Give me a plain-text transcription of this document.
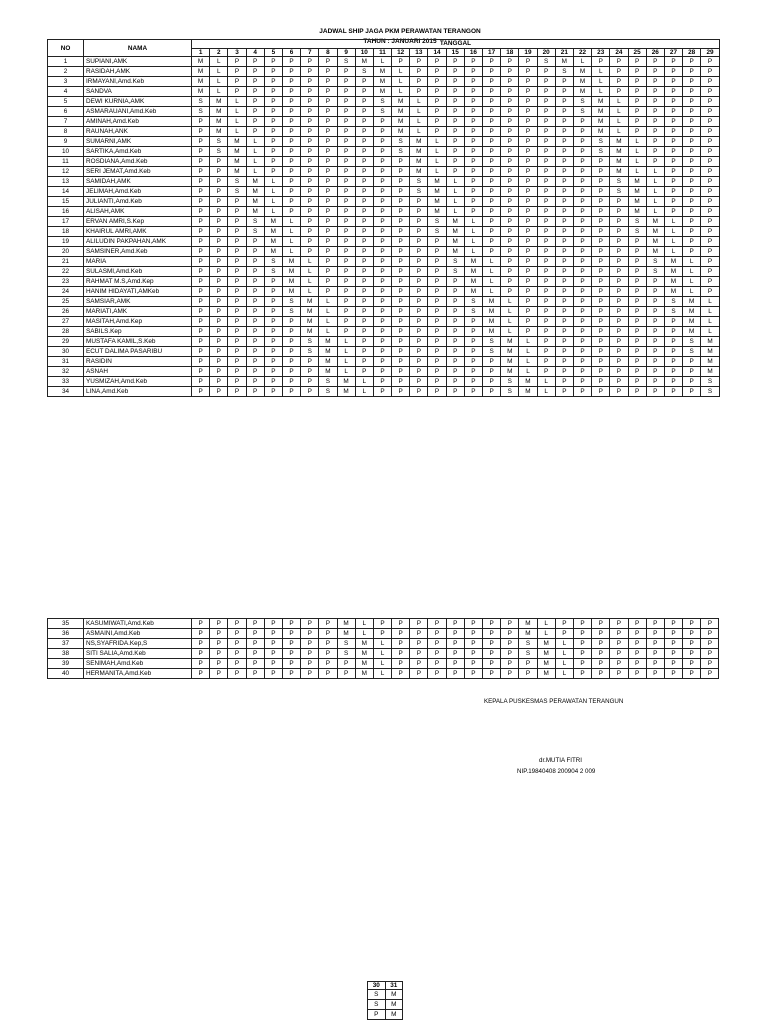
JADWAL SHIP JAGA PKM PERAWATAN TERANGON
TAHUN : JANUARI 2015
NO	NAMA	TANGGAL																												
		1	2	3	4	5	6	7	8	9	10	11	12	13	14	15	16	17	18	19	20	21	22	23	24	25	26	27	28	29
1	SUPIANI,AMK	M	L	P	P	P	P	P	P	S	M	L	P	P	P	P	P	P	P	P	S	M	L	P	P	P	P	P	P	P
2	RASIDAH,AMK	M	L	P	P	P	P	P	P	P	S	M	L	P	P	P	P	P	P	P	P	S	M	L	P	P	P	P	P	P
3	IRMAYANI,Amd.Keb	M	L	P	P	P	P	P	P	P	P	M	L	P	P	P	P	P	P	P	P	P	M	L	P	P	P	P	P	P
4	SANDVA	M	L	P	P	P	P	P	P	P	P	M	L	P	P	P	P	P	P	P	P	P	M	L	P	P	P	P	P	P
5	DEWI KURNIA,AMK	S	M	L	P	P	P	P	P	P	P	S	M	L	P	P	P	P	P	P	P	P	S	M	L	P	P	P	P	P
6	ASMARAUANI,Amd.Keb	S	M	L	P	P	P	P	P	P	P	S	M	L	P	P	P	P	P	P	P	P	S	M	L	P	P	P	P	P
7	AMINAH,Amd.Keb	P	M	L	P	P	P	P	P	P	P	P	M	L	P	P	P	P	P	P	P	P	P	M	L	P	P	P	P	P
8	RAUNAH,ANK	P	M	L	P	P	P	P	P	P	P	P	M	L	P	P	P	P	P	P	P	P	P	M	L	P	P	P	P	P
9	SUMARNI,AMK	P	S	M	L	P	P	P	P	P	P	P	S	M	L	P	P	P	P	P	P	P	P	S	M	L	P	P	P	P
10	SARTIKA,Amd.Keb	P	S	M	L	P	P	P	P	P	P	P	S	M	L	P	P	P	P	P	P	P	P	S	M	L	P	P	P	P
11	ROSDIANA,Amd.Keb	P	P	M	L	P	P	P	P	P	P	P	P	M	L	P	P	P	P	P	P	P	P	P	M	L	P	P	P	P
12	SERI JEMAT,Amd.Keb	P	P	M	L	P	P	P	P	P	P	P	P	M	L	P	P	P	P	P	P	P	P	P	M	L	L	P	P	P
13	SAMIDAH,AMK	P	P	S	M	L	P	P	P	P	P	P	P	S	M	L	P	P	P	P	P	P	P	P	S	M	L	P	P	P
14	JELIMAH,Amd.Keb	P	P	S	M	L	P	P	P	P	P	P	P	S	M	L	P	P	P	P	P	P	P	P	S	M	L	P	P	P
15	JULIANTI,Amd.Keb	P	P	P	M	L	P	P	P	P	P	P	P	P	M	L	P	P	P	P	P	P	P	P	P	M	L	P	P	P
16	ALISAH,AMK	P	P	P	M	L	P	P	P	P	P	P	P	P	M	L	P	P	P	P	P	P	P	P	P	M	L	P	P	P
17	ERVAN AMRI,S.Kep	P	P	P	S	M	L	P	P	P	P	P	P	P	S	M	L	P	P	P	P	P	P	P	P	S	M	L	P	P
18	KHAIRUL AMRI,AMK	P	P	P	S	M	L	P	P	P	P	P	P	P	S	M	L	P	P	P	P	P	P	P	P	S	M	L	P	P
19	ALILUDIN PAKPAHAN,AMK	P	P	P	P	M	L	P	P	P	P	P	P	P	P	M	L	P	P	P	P	P	P	P	P	P	M	L	P	P
20	SAMSINER,Amd.Keb	P	P	P	P	M	L	P	P	P	P	P	P	P	P	M	L	P	P	P	P	P	P	P	P	P	M	L	P	P
21	MARIA	P	P	P	P	S	M	L	P	P	P	P	P	P	P	S	M	L	P	P	P	P	P	P	P	P	S	M	L	P
22	SULASMI,Amd.Keb	P	P	P	P	S	M	L	P	P	P	P	P	P	P	S	M	L	P	P	P	P	P	P	P	P	S	M	L	P
23	RAHMAT M.S,Amd.Kep	P	P	P	P	P	M	L	P	P	P	P	P	P	P	P	M	L	P	P	P	P	P	P	P	P	P	M	L	P
24	HANIM HIDAYATI,AMKeb	P	P	P	P	P	M	L	P	P	P	P	P	P	P	P	M	L	P	P	P	P	P	P	P	P	P	M	L	P
25	SAMSIAR,AMK	P	P	P	P	P	S	M	L	P	P	P	P	P	P	P	S	M	L	P	P	P	P	P	P	P	P	S	M	L
26	MARIATI,AMK	P	P	P	P	P	S	M	L	P	P	P	P	P	P	P	S	M	L	P	P	P	P	P	P	P	P	S	M	L
27	MASITAH,Amd.Kep	P	P	P	P	P	P	M	L	P	P	P	P	P	P	P	P	M	L	P	P	P	P	P	P	P	P	P	M	L
28	SABILS.Kep	P	P	P	P	P	P	M	L	P	P	P	P	P	P	P	P	M	L	P	P	P	P	P	P	P	P	P	M	L
29	MUSTAFA KAMIL,S.Keb	P	P	P	P	P	P	S	M	L	P	P	P	P	P	P	P	S	M	L	P	P	P	P	P	P	P	P	S	M
30	ECUT DALIMA PASARIBU	P	P	P	P	P	P	S	M	L	P	P	P	P	P	P	P	S	M	L	P	P	P	P	P	P	P	P	S	M
31	RASIDIN	P	P	P	P	P	P	P	M	L	P	P	P	P	P	P	P	P	M	L	P	P	P	P	P	P	P	P	P	M
32	ASNAH	P	P	P	P	P	P	P	M	L	P	P	P	P	P	P	P	P	M	L	P	P	P	P	P	P	P	P	P	M
33	YUSMIZAH,Amd.Keb	P	P	P	P	P	P	P	S	M	L	P	P	P	P	P	P	P	S	M	L	P	P	P	P	P	P	P	P	S
34	LINA,Amd.Keb	P	P	P	P	P	P	P	S	M	L	P	P	P	P	P	P	P	S	M	L	P	P	P	P	P	P	P	P	S
35	KASUMIWATI,Amd.Keb	P	P	P	P	P	P	P	P	M	L	P	P	P	P	P	P	P	P	M	L	P	P	P	P	P	P	P	P	P
36	ASMAINI,Amd.Keb	P	P	P	P	P	P	P	P	M	L	P	P	P	P	P	P	P	P	M	L	P	P	P	P	P	P	P	P	P
37	NS,SYAFRIDA.Kep,S	P	P	P	P	P	P	P	P	S	M	L	P	P	P	P	P	P	P	S	M	L	P	P	P	P	P	P	P	P
38	SITI SALIA,Amd.Keb	P	P	P	P	P	P	P	P	S	M	L	P	P	P	P	P	P	P	S	M	L	P	P	P	P	P	P	P	P
39	SENIMAH,Amd.Keb	P	P	P	P	P	P	P	P	P	M	L	P	P	P	P	P	P	P	P	M	L	P	P	P	P	P	P	P	P
40	HERMANITA,Amd.Keb	P	P	P	P	P	P	P	P	P	M	L	P	P	P	P	P	P	P	P	M	L	P	P	P	P	P	P	P	P
KEPALA PUSKESMAS PERAWATAN TERANGUN
dr.MUTIA FITRI
NIP.19840408 200904 2 009
30	31
S	M
S	M
P	M
